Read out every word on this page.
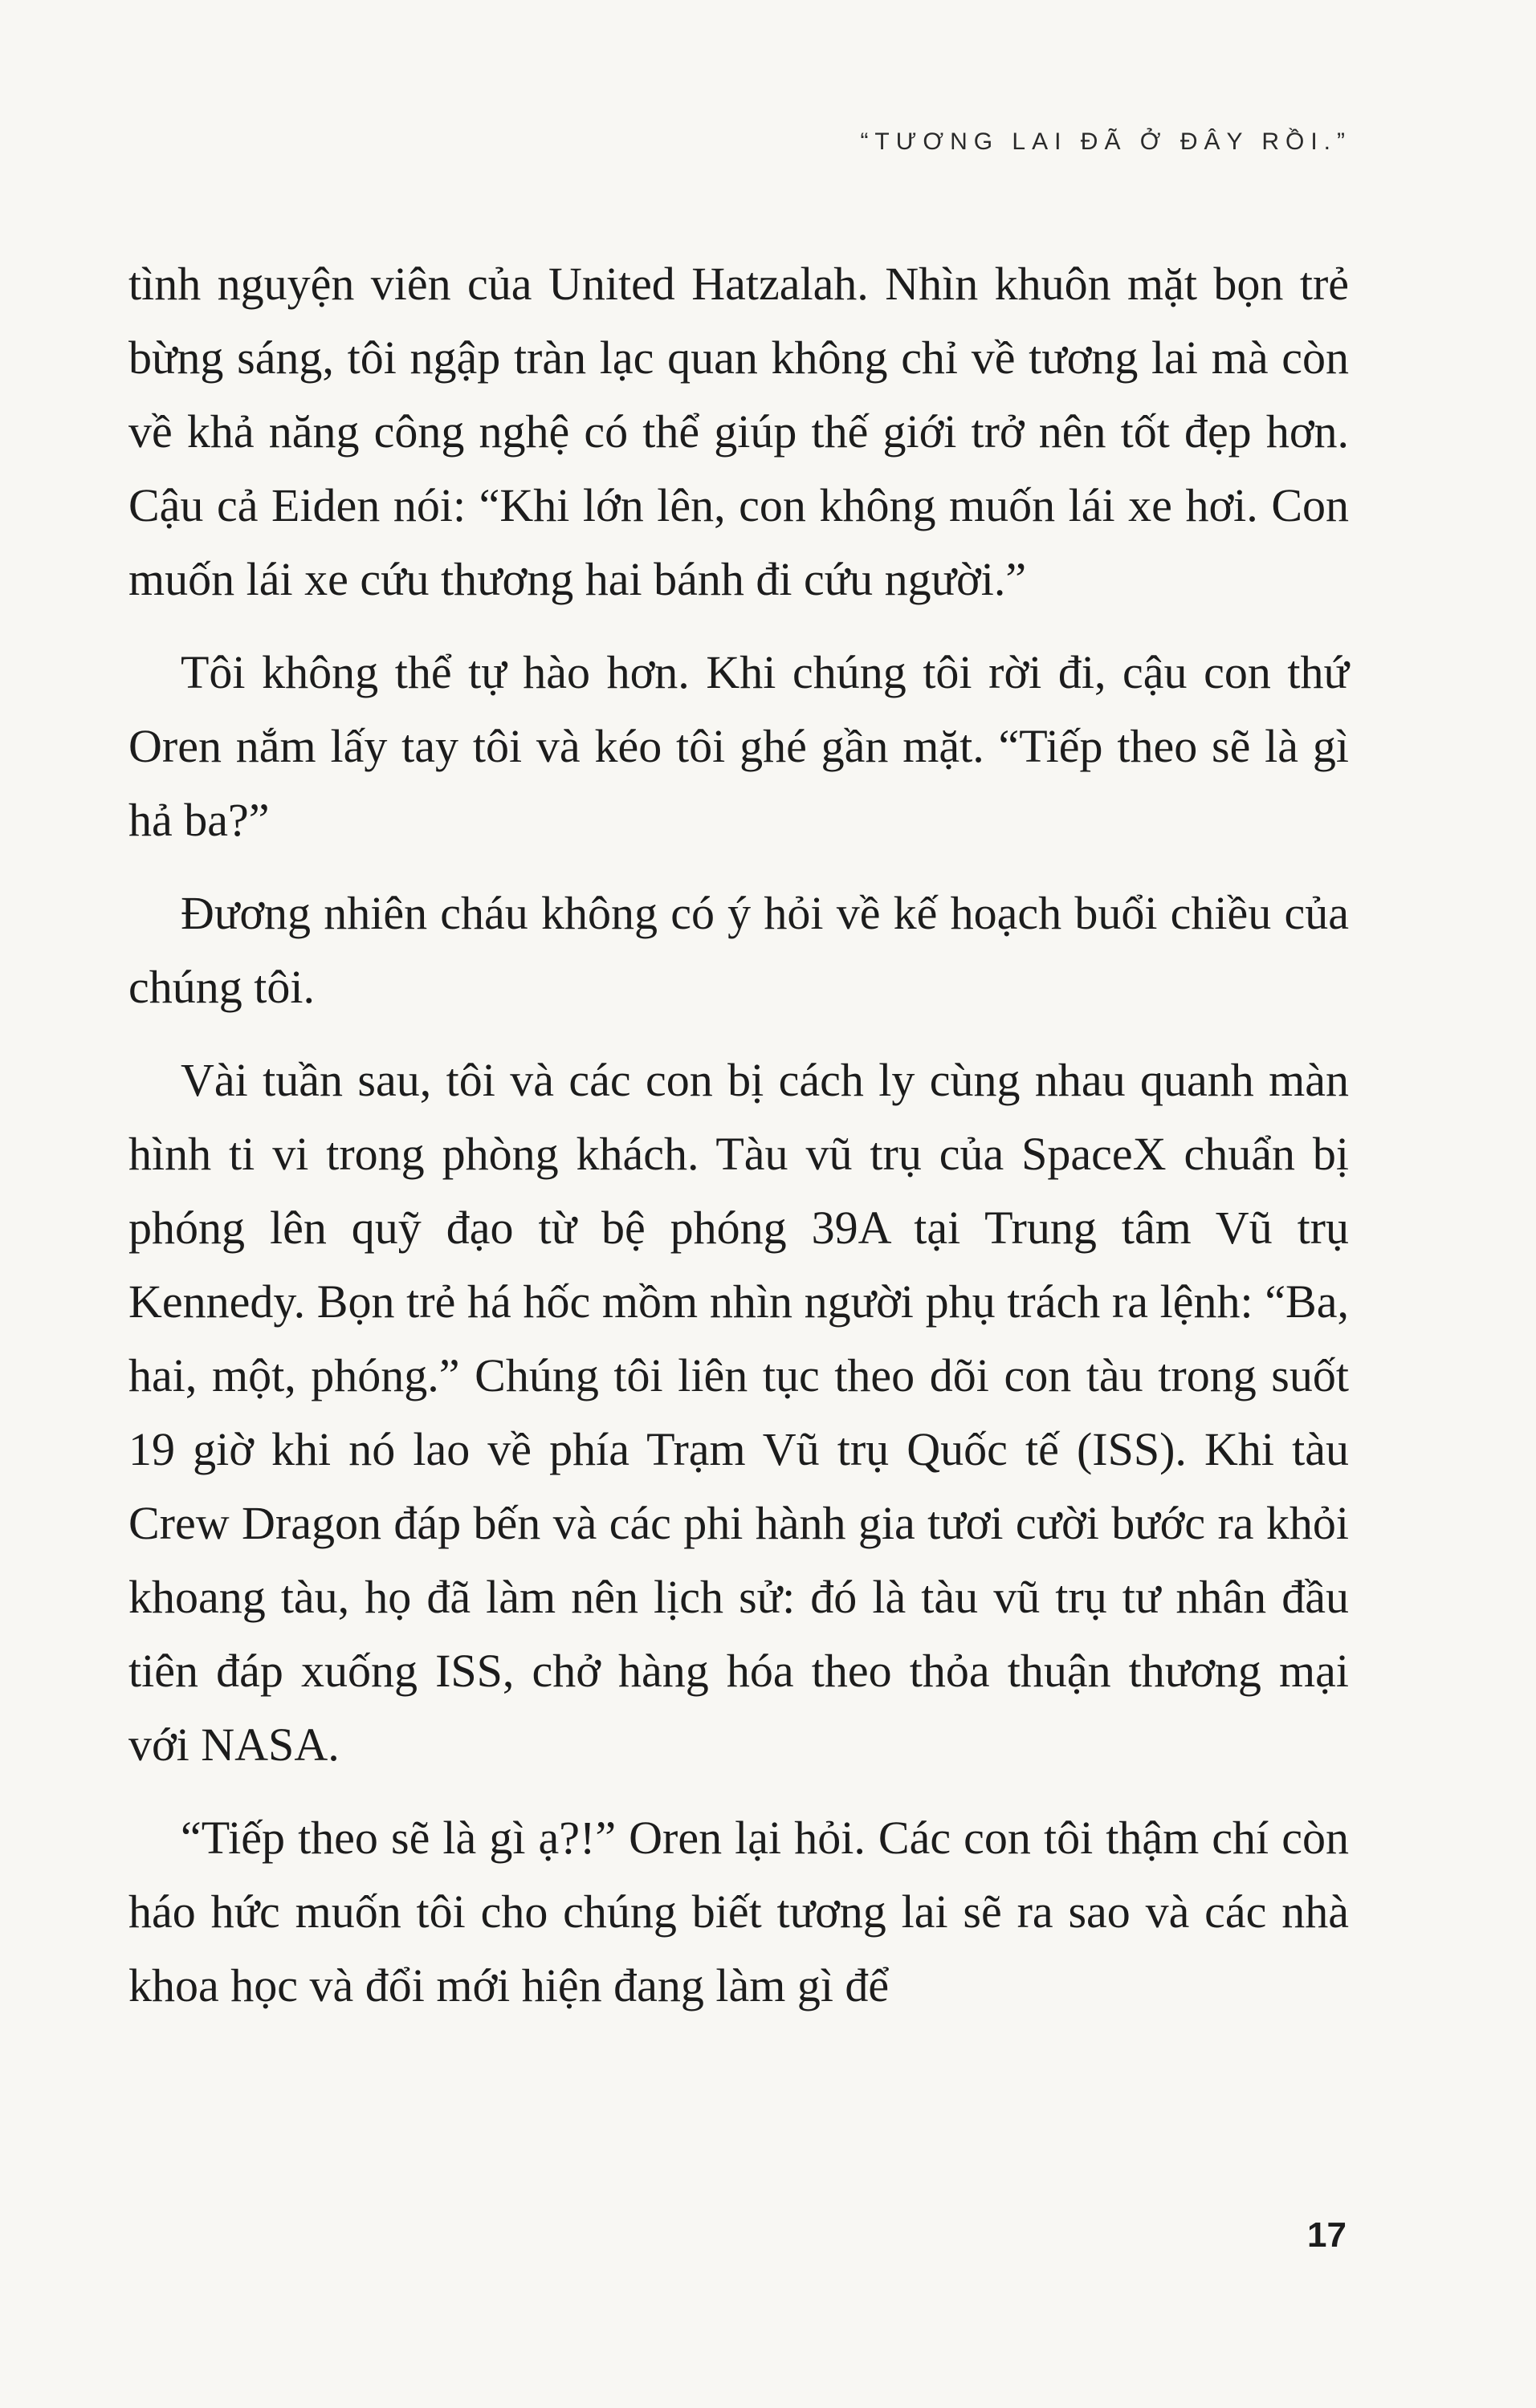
“TƯƠNG LAI ĐÃ Ở ĐÂY RỒI.”

tình nguyện viên của United Hatzalah. Nhìn khuôn mặt bọn trẻ bừng sáng, tôi ngập tràn lạc quan không chỉ về tương lai mà còn về khả năng công nghệ có thể giúp thế giới trở nên tốt đẹp hơn. Cậu cả Eiden nói: “Khi lớn lên, con không muốn lái xe hơi. Con muốn lái xe cứu thương hai bánh đi cứu người.”

Tôi không thể tự hào hơn. Khi chúng tôi rời đi, cậu con thứ Oren nắm lấy tay tôi và kéo tôi ghé gần mặt. “Tiếp theo sẽ là gì hả ba?”

Đương nhiên cháu không có ý hỏi về kế hoạch buổi chiều của chúng tôi.

Vài tuần sau, tôi và các con bị cách ly cùng nhau quanh màn hình ti vi trong phòng khách. Tàu vũ trụ của SpaceX chuẩn bị phóng lên quỹ đạo từ bệ phóng 39A tại Trung tâm Vũ trụ Kennedy. Bọn trẻ há hốc mồm nhìn người phụ trách ra lệnh: “Ba, hai, một, phóng.” Chúng tôi liên tục theo dõi con tàu trong suốt 19 giờ khi nó lao về phía Trạm Vũ trụ Quốc tế (ISS). Khi tàu Crew Dragon đáp bến và các phi hành gia tươi cười bước ra khỏi khoang tàu, họ đã làm nên lịch sử: đó là tàu vũ trụ tư nhân đầu tiên đáp xuống ISS, chở hàng hóa theo thỏa thuận thương mại với NASA.

“Tiếp theo sẽ là gì ạ?!” Oren lại hỏi. Các con tôi thậm chí còn háo hức muốn tôi cho chúng biết tương lai sẽ ra sao và các nhà khoa học và đổi mới hiện đang làm gì để

17
